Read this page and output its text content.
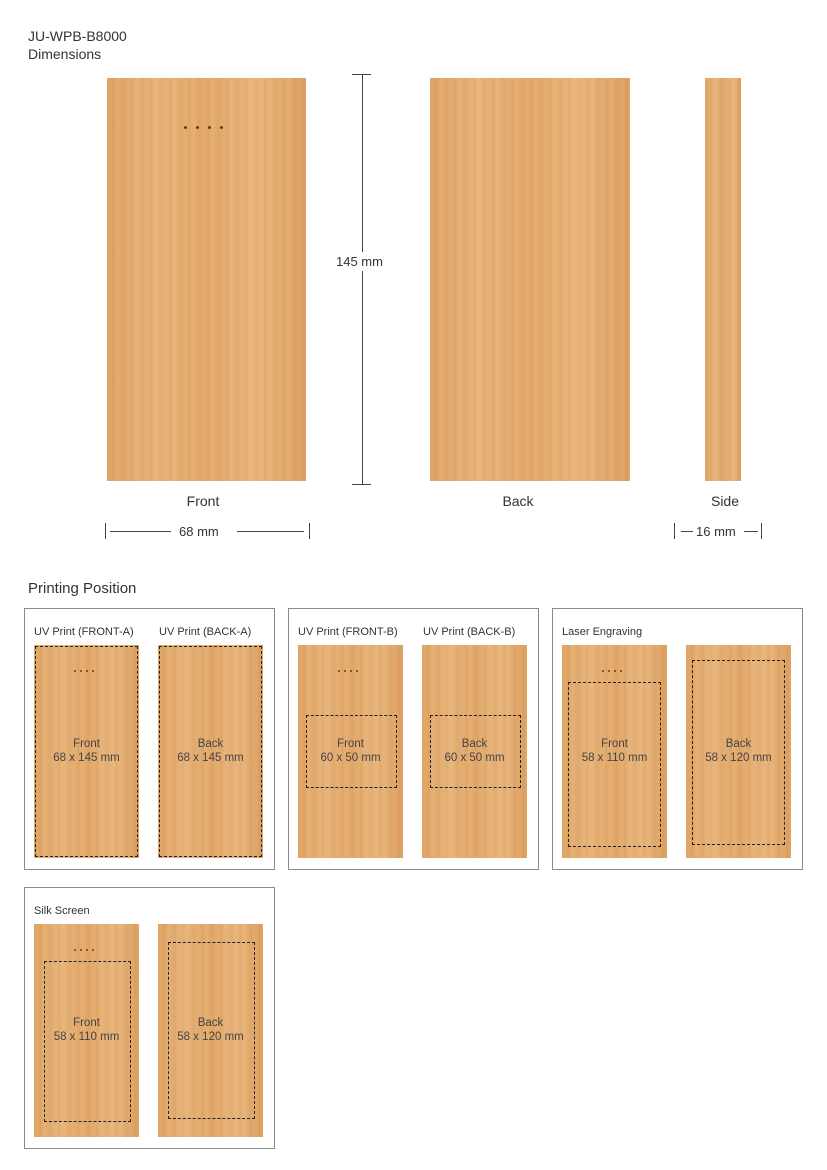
JU-WPB-B8000
Dimensions
Front	Back	Side
145 mm
68 mm	16 mm
Printing Position
UV Print (FRONT-A) UV Print (BACK-A)
Front
68 x 145 mm
Back
68 x 145 mm
UV Print (FRONT-B) UV Print (BACK-B)
Front
60 x 50 mm
Back
60 x 50 mm
Laser Engraving
Front
58 x 110 mm
Back
58 x 120 mm
Silk Screen
Front
58 x 110 mm
Back
58 x 120 mm
